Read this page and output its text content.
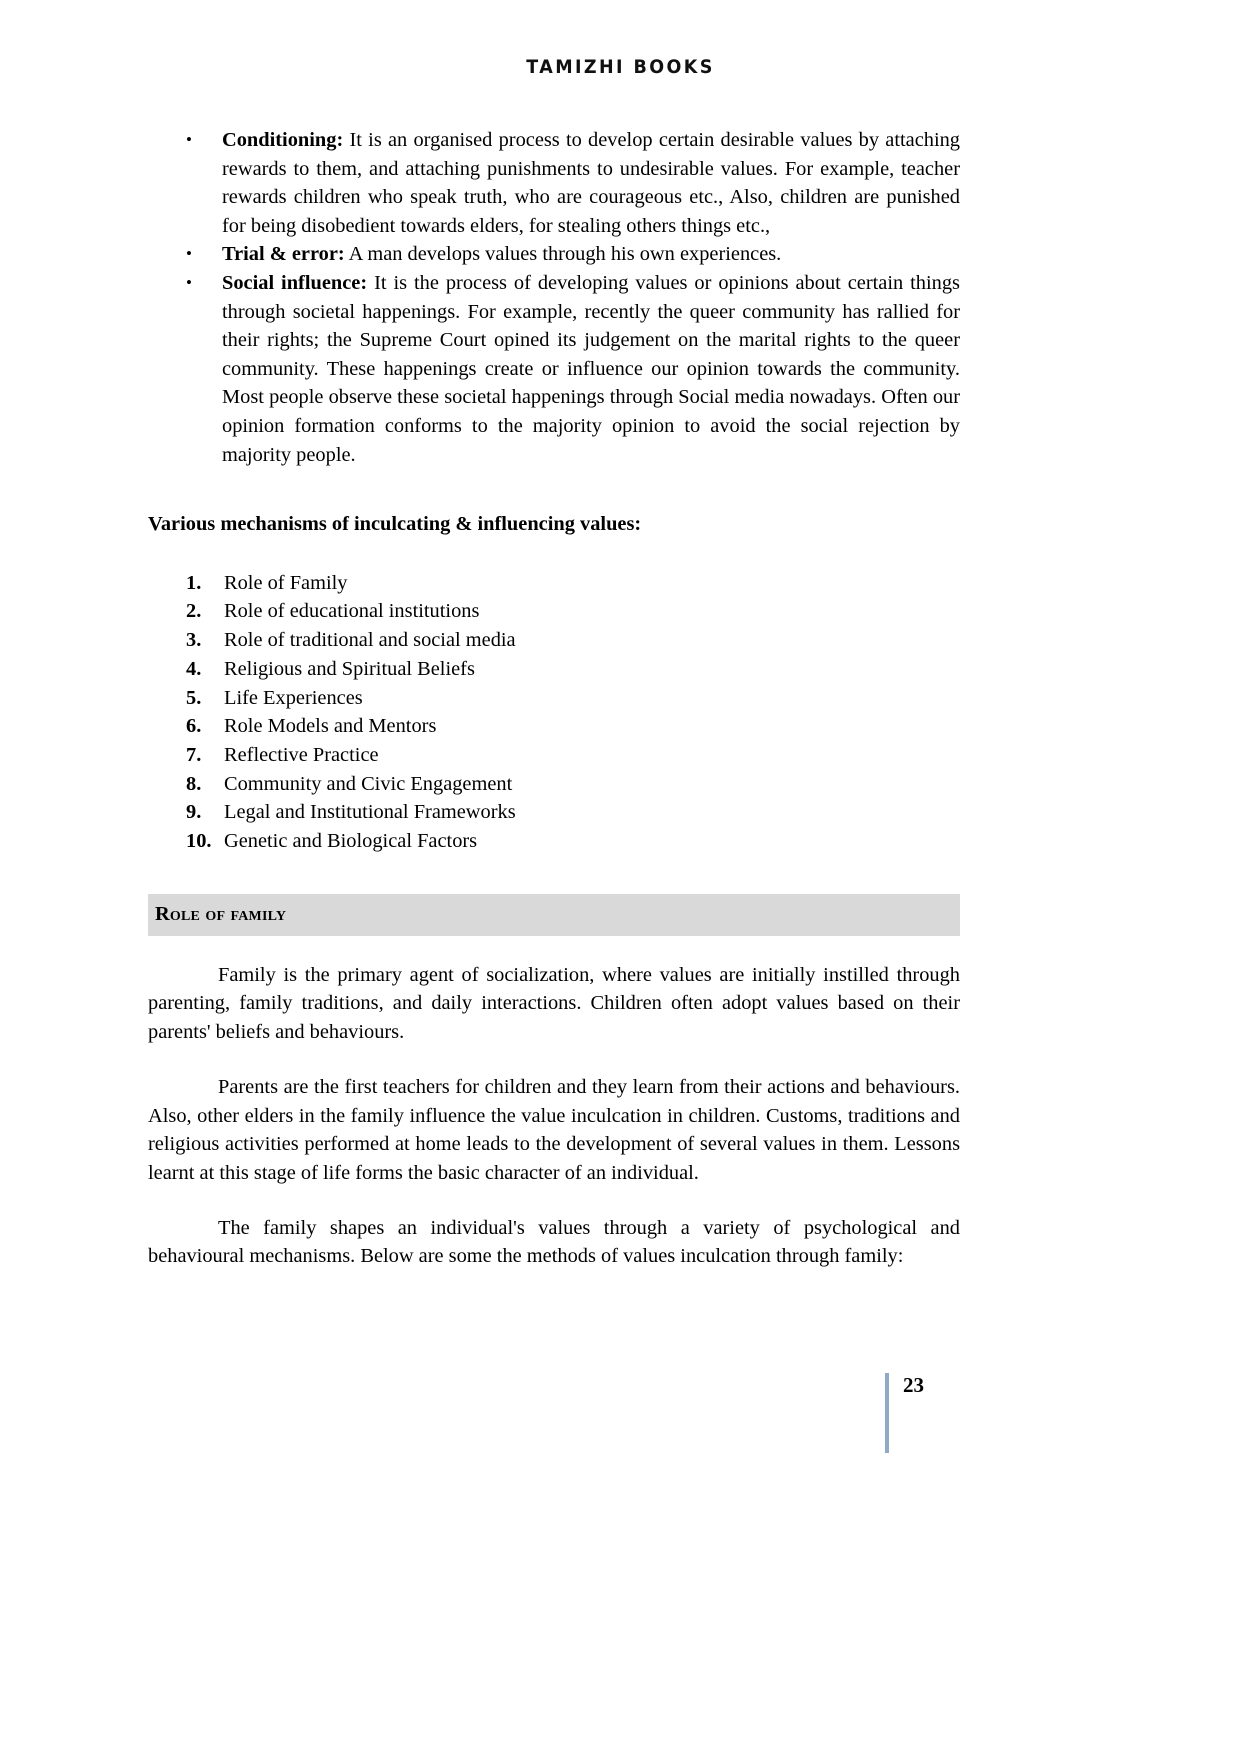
TAMIZHI BOOKS
• Conditioning: It is an organised process to develop certain desirable values by attaching rewards to them, and attaching punishments to undesirable values. For example, teacher rewards children who speak truth, who are courageous etc., Also, children are punished for being disobedient towards elders, for stealing others things etc.,
• Trial & error: A man develops values through his own experiences.
• Social influence: It is the process of developing values or opinions about certain things through societal happenings. For example, recently the queer community has rallied for their rights; the Supreme Court opined its judgement on the marital rights to the queer community. These happenings create or influence our opinion towards the community. Most people observe these societal happenings through Social media nowadays. Often our opinion formation conforms to the majority opinion to avoid the social rejection by majority people.
Various mechanisms of inculcating & influencing values:
1.	Role of Family
2.	Role of educational institutions
3.	Role of traditional and social media
4.	Religious and Spiritual Beliefs
5.	Life Experiences
6.	Role Models and Mentors
7.	Reflective Practice
8.	Community and Civic Engagement
9.	Legal and Institutional Frameworks
10. Genetic and Biological Factors
Role of family

Family is the primary agent of socialization, where values are initially instilled through parenting, family traditions, and daily interactions. Children often adopt values based on their parents' beliefs and behaviours.

Parents are the first teachers for children and they learn from their actions and behaviours. Also, other elders in the family influence the value inculcation in children. Customs, traditions and religious activities performed at home leads to the development of several values in them. Lessons learnt at this stage of life forms the basic character of an individual.

The family shapes an individual's values through a variety of psychological and behavioural mechanisms. Below are some the methods of values inculcation through family:

23
